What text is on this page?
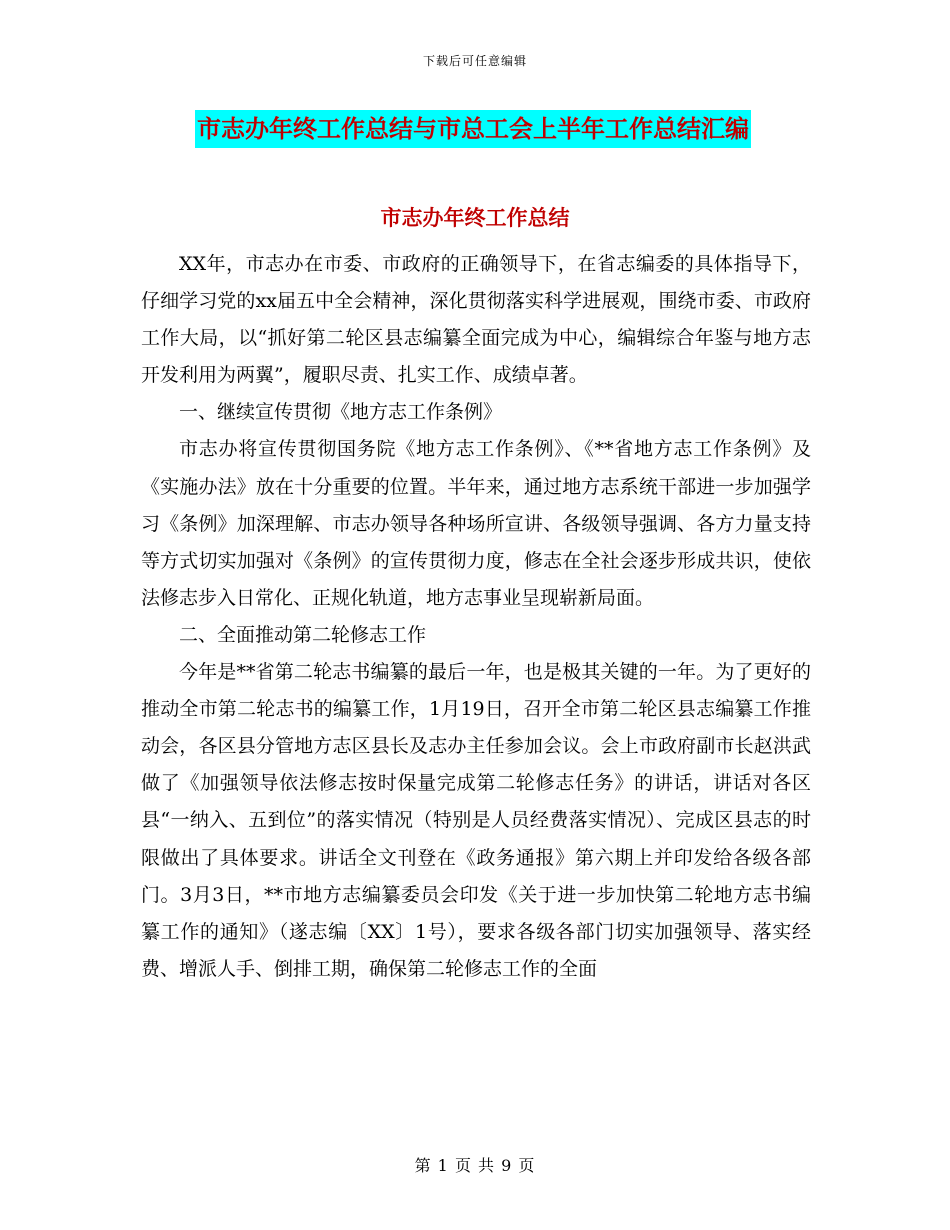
下载后可任意编辑
市志办年终工作总结与市总工会上半年工作总结汇编
市志办年终工作总结

XX年，市志办在市委、市政府的正确领导下，在省志编委的具体指导下，仔细学习党的xx届五中全会精神，深化贯彻落实科学进展观，围绕市委、市政府工作大局，以“抓好第二轮区县志编纂全面完成为中心，编辑综合年鉴与地方志开发利用为两翼”，履职尽责、扎实工作、成绩卓著。

一、继续宣传贯彻《地方志工作条例》

市志办将宣传贯彻国务院《地方志工作条例》、《**省地方志工作条例》及《实施办法》放在十分重要的位置。半年来，通过地方志系统干部进一步加强学习《条例》加深理解、市志办领导各种场所宣讲、各级领导强调、各方力量支持等方式切实加强对《条例》的宣传贯彻力度，修志在全社会逐步形成共识，使依法修志步入日常化、正规化轨道，地方志事业呈现崭新局面。

二、全面推动第二轮修志工作

今年是**省第二轮志书编纂的最后一年，也是极其关键的一年。为了更好的推动全市第二轮志书的编纂工作，1月19日，召开全市第二轮区县志编纂工作推动会，各区县分管地方志区县长及志办主任参加会议。会上市政府副市长赵洪武做了《加强领导依法修志按时保量完成第二轮修志任务》的讲话，讲话对各区县“一纳入、五到位”的落实情况（特别是人员经费落实情况）、完成区县志的时限做出了具体要求。讲话全文刊登在《政务通报》第六期上并印发给各级各部门。3月3日，**市地方志编纂委员会印发《关于进一步加快第二轮地方志书编纂工作的通知》（遂志编〔XX〕1号），要求各级各部门切实加强领导、落实经费、增派人手、倒排工期，确保第二轮修志工作的全面

第 1 页 共 9 页
